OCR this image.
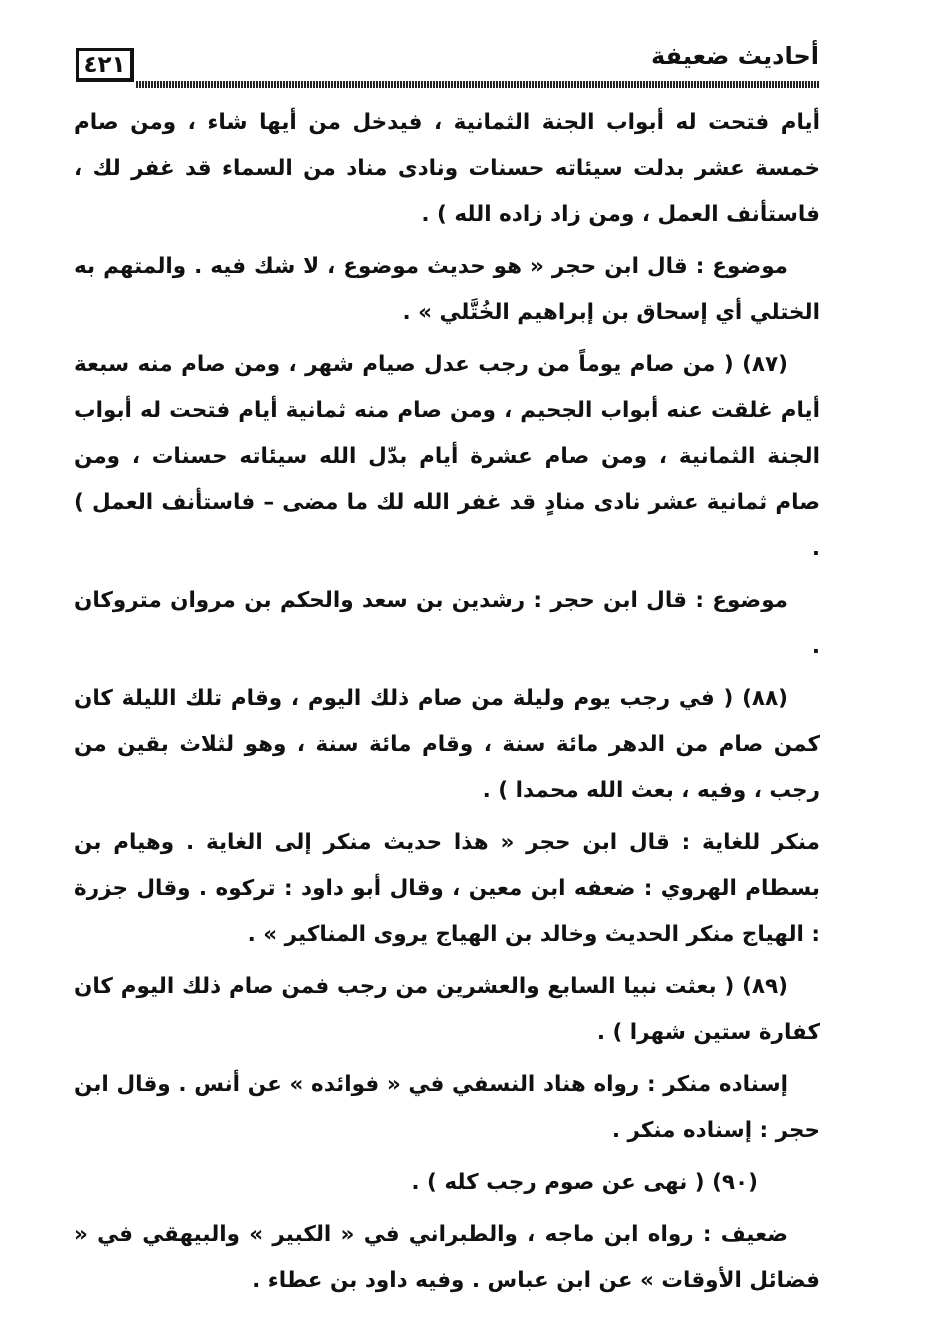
٤٢١	أحاديث ضعيفة

أيام فتحت له أبواب الجنة الثمانية ، فيدخل من أيها شاء ، ومن صام خمسة عشر بدلت سيئاته حسنات ونادى مناد من السماء قد غفر لك ، فاستأنف العمل ، ومن زاد زاده الله ) .

موضوع : قال ابن حجر « هو حديث موضوع ، لا شك فيه . والمتهم به الختلي أي إسحاق بن إبراهيم الخُتَّلي » .

(٨٧) ( من صام يوماً من رجب عدل صيام شهر ، ومن صام منه سبعة أيام غلقت عنه أبواب الجحيم ، ومن صام منه ثمانية أيام فتحت له أبواب الجنة الثمانية ، ومن صام عشرة أيام بدّل الله سيئاته حسنات ، ومن صام ثمانية عشر نادى منادٍ قد غفر الله لك ما مضى – فاستأنف العمل ) .

موضوع : قال ابن حجر : رشدين بن سعد والحكم بن مروان متروكان .

(٨٨) ( في رجب يوم وليلة من صام ذلك اليوم ، وقام تلك الليلة كان كمن صام من الدهر مائة سنة ، وقام مائة سنة ، وهو لثلاث بقين من رجب ، وفيه ، بعث الله محمدا ) .

منكر للغاية : قال ابن حجر « هذا حديث منكر إلى الغاية . وهيام بن بسطام الهروي : ضعفه ابن معين ، وقال أبو داود : تركوه . وقال جزرة : الهياج منكر الحديث وخالد بن الهياج يروى المناكير » .

(٨٩) ( بعثت نبيا السابع والعشرين من رجب فمن صام ذلك اليوم كان كفارة ستين شهرا ) .

إسناده منكر : رواه هناد النسفي في « فوائده » عن أنس . وقال ابن حجر : إسناده منكر .

(٩٠) ( نهى عن صوم رجب كله ) .

ضعيف : رواه ابن ماجه ، والطبراني في « الكبير » والبيهقي في « فضائل الأوقات » عن ابن عباس . وفيه داود بن عطاء .
